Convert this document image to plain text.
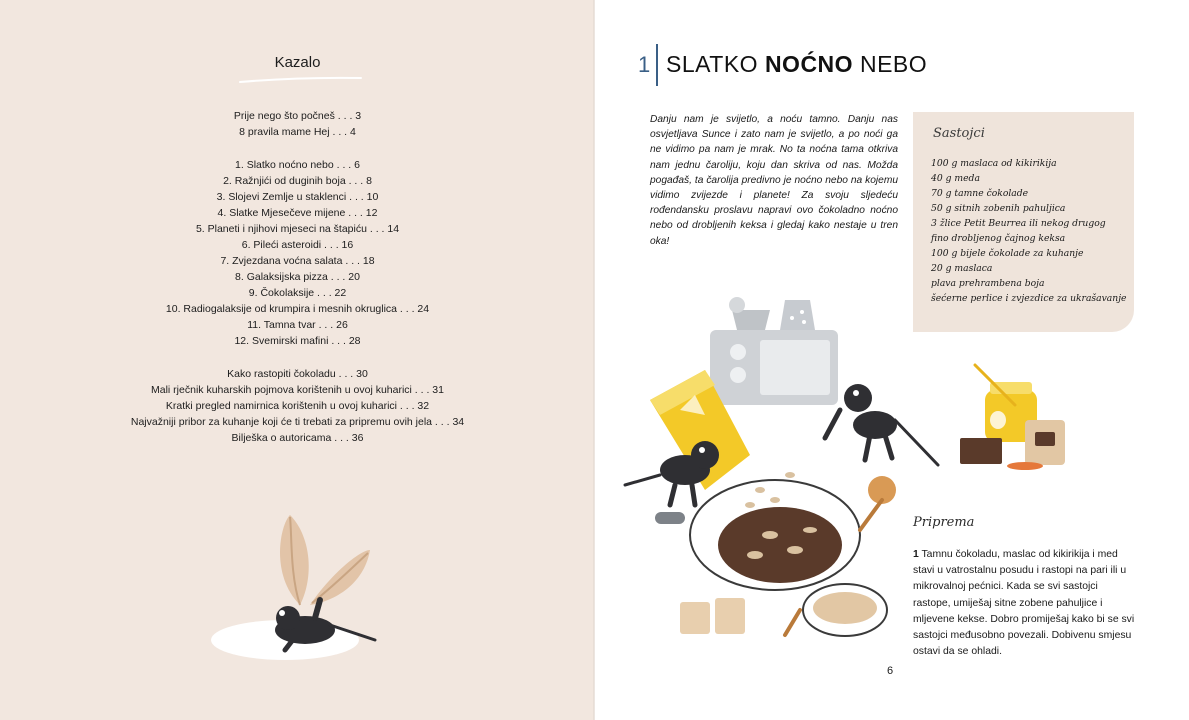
Kazalo
Prije nego što počneš . . . 3
8 pravila mame Hej . . . 4
1. Slatko noćno nebo . . . 6
2. Ražnjići od duginih boja . . . 8
3. Slojevi Zemlje u staklenci . . . 10
4. Slatke Mjesečeve mijene . . . 12
5. Planeti i njihovi mjeseci na štapiću . . . 14
6. Pileći asteroidi . . . 16
7. Zvjezdana voćna salata . . . 18
8. Galaksijska pizza . . . 20
9. Čokolaksije . . . 22
10. Radiogalaksije od krumpira i mesnih okruglica . . . 24
11. Tamna tvar . . . 26
12. Svemirski mafini . . . 28
Kako rastopiti čokoladu . . . 30
Mali rječnik kuharskih pojmova korištenih u ovoj kuharici . . . 31
Kratki pregled namirnica korištenih u ovoj kuharici . . . 32
Najvažniji pribor za kuhanje koji će ti trebati za pripremu ovih jela . . . 34
Bilješka o autoricama . . . 36
1 SLATKO NOĆNO NEBO
Danju nam je svijetlo, a noću tamno. Danju nas osvjetljava Sunce i zato nam je svijetlo, a po noći ga ne vidimo pa nam je mrak. No ta noćna tama otkriva nam jednu čaroliju, koju dan skriva od nas. Možda pogađaš, ta čarolija predivno je noćno nebo na kojemu vidimo zvijezde i planete! Za svoju sljedeću rođendansku proslavu napravi ovo čokoladno noćno nebo od drobljenih keksa i gledaj kako nestaje u tren oka!
Sastojci
100 g maslaca od kikirikija
40 g meda
70 g tamne čokolade
50 g sitnih zobenih pahuljica
3 žlice Petit Beurrea ili nekog drugog
fino drobljenog čajnog keksa
100 g bijele čokolade za kuhanje
20 g maslaca
plava prehrambena boja
šećerne perlice i zvjezdice za ukrašavanje
Priprema
1 Tamnu čokoladu, maslac od kikirikija i med stavi u vatrostalnu posudu i rastopi na pari ili u mikrovalnoj pećnici. Kada se svi sastojci rastope, umiješaj sitne zobene pahuljice i mljevene kekse. Dobro promiješaj kako bi se svi sastojci međusobno povezali. Dobivenu smjesu ostavi da se ohladi.
6
